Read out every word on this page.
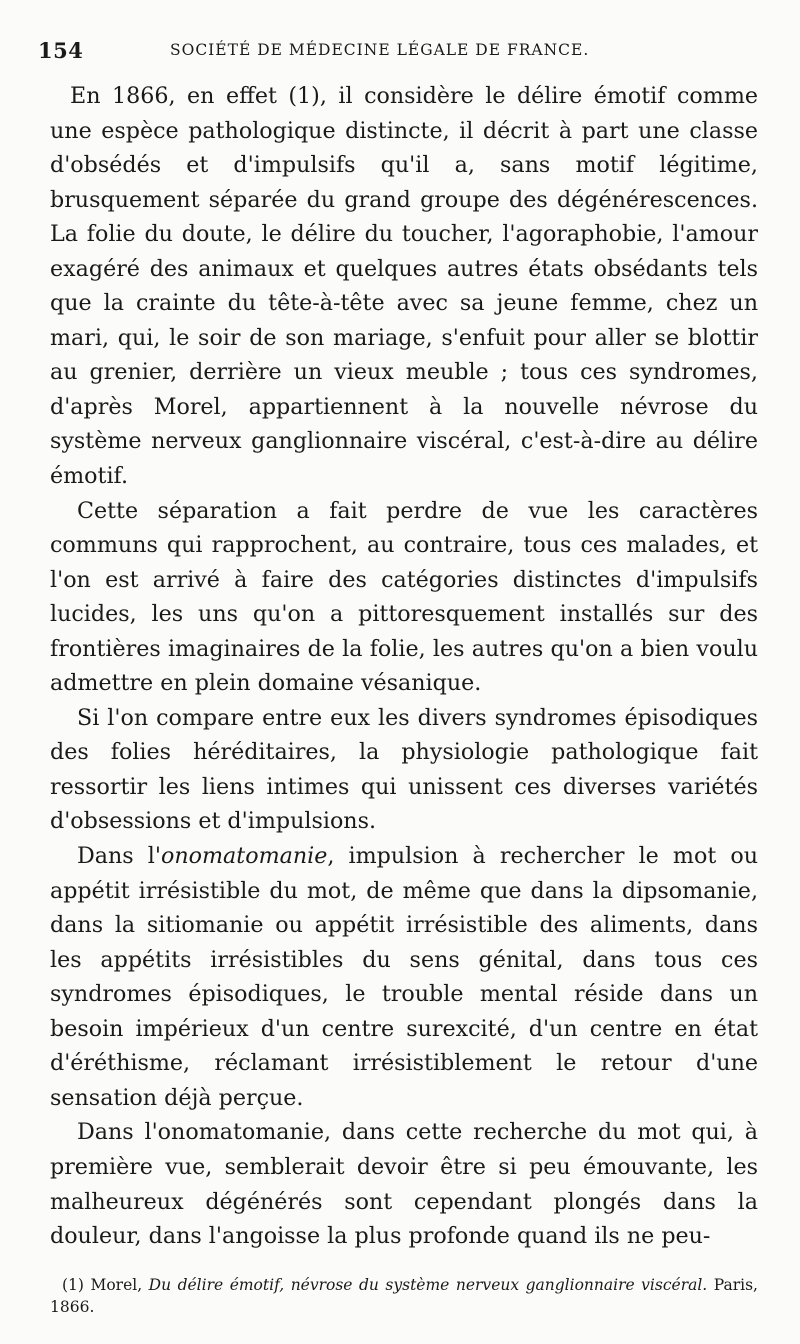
154	SOCIÉTÉ DE MÉDECINE LÉGALE DE FRANCE.

En 1866, en effet (1), il considère le délire émotif comme une espèce pathologique distincte, il décrit à part une classe d'obsédés et d'impulsifs qu'il a, sans motif légitime, brusquement séparée du grand groupe des dégénérescences. La folie du doute, le délire du toucher, l'agoraphobie, l'amour exagéré des animaux et quelques autres états obsédants tels que la crainte du tête-à-tête avec sa jeune femme, chez un mari, qui, le soir de son mariage, s'enfuit pour aller se blottir au grenier, derrière un vieux meuble ; tous ces syndromes, d'après Morel, appartiennent à la nouvelle névrose du système nerveux ganglionnaire viscéral, c'est-à-dire au délire émotif.

Cette séparation a fait perdre de vue les caractères communs qui rapprochent, au contraire, tous ces malades, et l'on est arrivé à faire des catégories distinctes d'impulsifs lucides, les uns qu'on a pittoresquement installés sur des frontières imaginaires de la folie, les autres qu'on a bien voulu admettre en plein domaine vésanique.

Si l'on compare entre eux les divers syndromes épisodiques des folies héréditaires, la physiologie pathologique fait ressortir les liens intimes qui unissent ces diverses variétés d'obsessions et d'impulsions.

Dans l'onomatomanie, impulsion à rechercher le mot ou appétit irrésistible du mot, de même que dans la dipsomanie, dans la sitiomanie ou appétit irrésistible des aliments, dans les appétits irrésistibles du sens génital, dans tous ces syndromes épisodiques, le trouble mental réside dans un besoin impérieux d'un centre surexcité, d'un centre en état d'éréthisme, réclamant irrésistiblement le retour d'une sensation déjà perçue.

Dans l'onomatomanie, dans cette recherche du mot qui, à première vue, semblerait devoir être si peu émouvante, les malheureux dégénérés sont cependant plongés dans la douleur, dans l'angoisse la plus profonde quand ils ne peu-

(1) Morel, Du délire émotif, névrose du système nerveux ganglionnaire viscéral. Paris, 1866.
